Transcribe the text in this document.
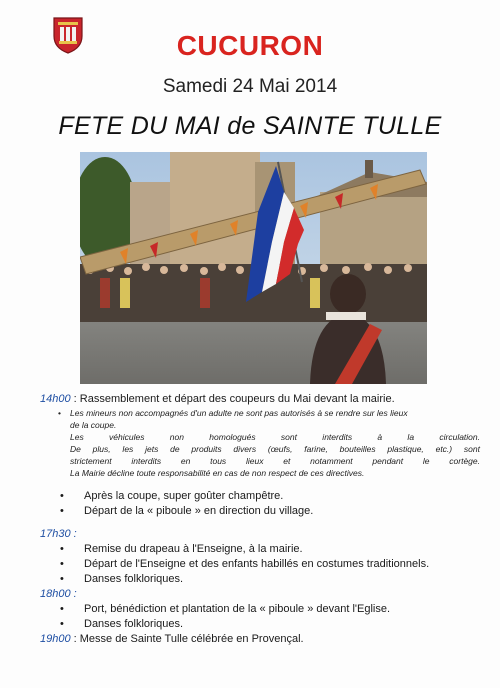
CUCURON
Samedi 24 Mai 2014
FETE DU MAI de SAINTE TULLE
14h00 : Rassemblement et départ des coupeurs du Mai devant la mairie.
• Les mineurs non accompagnés d'un adulte ne sont pas autorisés à se rendre sur les lieux
de la coupe.
Les véhicules non homologués sont interdits à la circulation.
De plus, les jets de produits divers (œufs, farine, bouteilles plastique, etc.) sont
strictement interdits en tous lieux et notamment pendant le cortège.
La Mairie décline toute responsabilité en cas de non respect de ces directives.
• Après la coupe, super goûter champêtre.
• Départ de la « piboule » en direction du village.
17h30 :
• Remise du drapeau à l'Enseigne, à la mairie.
• Départ de l'Enseigne et des enfants habillés en costumes traditionnels.
• Danses folkloriques.
18h00 :
• Port, bénédiction et plantation de la « piboule » devant l'Eglise.
• Danses folkloriques.
19h00 : Messe de Sainte Tulle célébrée en Provençal.
